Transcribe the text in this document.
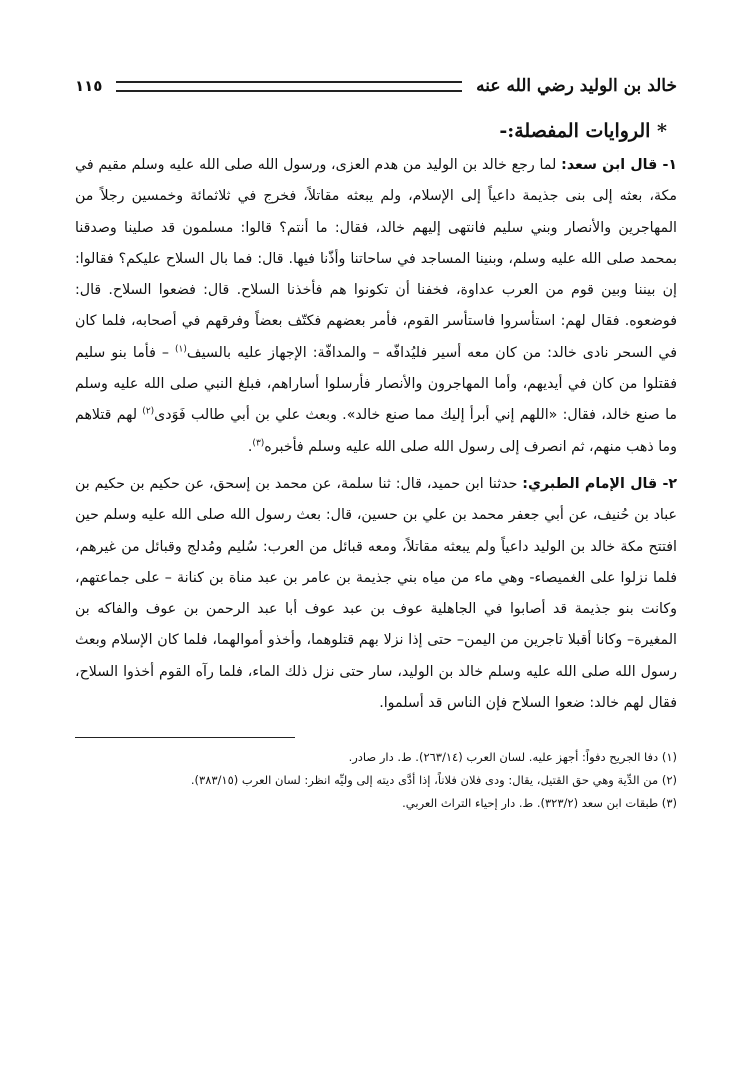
خالد بن الوليد رضي الله عنه
١١٥
* الروايات المفصلة:-

١- قال ابن سعد: لما رجع خالد بن الوليد من هدم العزى، ورسول الله صلى الله عليه وسلم مقيم في مكة، بعثه إلى بنى جذيمة داعياً إلى الإسلام، ولم يبعثه مقاتلاً، فخرج في ثلاثمائة وخمسين رجلاً من المهاجرين والأنصار وبني سليم فانتهى إليهم خالد، فقال: ما أنتم؟ قالوا: مسلمون قد صلينا وصدقنا بمحمد صلى الله عليه وسلم، وبنينا المساجد في ساحاتنا وأذّنا فيها. قال: فما بال السلاح عليكم؟ فقالوا: إن بيننا وبين قوم من العرب عداوة، فخفنا أن تكونوا هم فأخذنا السلاح. قال: فضعوا السلاح. قال: فوضعوه. فقال لهم: استأسروا فاستأسر القوم، فأمر بعضهم فكتّف بعضاً وفرقهم في أصحابه، فلما كان في السحر نادى خالد: من كان معه أسير فليُدافّه – والمدافّة: الإجهاز عليه بالسيف$^{(١)}$ – فأما بنو سليم فقتلوا من كان في أيديهم، وأما المهاجرون والأنصار فأرسلوا أساراهم، فبلغ النبي صلى الله عليه وسلم ما صنع خالد، فقال: «اللهم إني أبرأ إليك مما صنع خالد». وبعث علي بن أبي طالب فَوَدى$^{(٢)}$ لهم قتلاهم وما ذهب منهم، ثم انصرف إلى رسول الله صلى الله عليه وسلم فأخبره$^{(٣)}$.

٢- قال الإمام الطبري: حدثنا ابن حميد، قال: ثنا سلمة، عن محمد بن إسحق، عن حكيم بن حكيم بن عباد بن حُنيف، عن أبي جعفر محمد بن علي بن حسين، قال: بعث رسول الله صلى الله عليه وسلم حين افتتح مكة خالد بن الوليد داعياً ولم يبعثه مقاتلاً، ومعه قبائل من العرب: سُليم ومُدلج وقبائل من غيرهم، فلما نزلوا على الغميصاء- وهي ماء من مياه بني جذيمة بن عامر بن عبد مناة بن كنانة – على جماعتهم، وكانت بنو جذيمة قد أصابوا في الجاهلية عوف بن عبد عوف أبا عبد الرحمن بن عوف والفاكه بن المغيرة– وكانا أقبلا تاجرين من اليمن– حتى إذا نزلا بهم قتلوهما، وأخذو أموالهما، فلما كان الإسلام وبعث رسول الله صلى الله عليه وسلم خالد بن الوليد، سار حتى نزل ذلك الماء، فلما رآه القوم أخذوا السلاح، فقال لهم خالد: ضعوا السلاح فإن الناس قد أسلموا.

(١) دفا الجريح دفواً: أجهز عليه. لسان العرب (٢٦٣/١٤). ط. دار صادر.

(٢) من الدِّية وهي حق القتيل، يقال: ودى فلان فلاناً، إذا أدَّى ديته إلى وليِّه انظر: لسان العرب (٣٨٣/١٥).

(٣) طبقات ابن سعد (٣٢٣/٢). ط. دار إحياء التراث العربي.
